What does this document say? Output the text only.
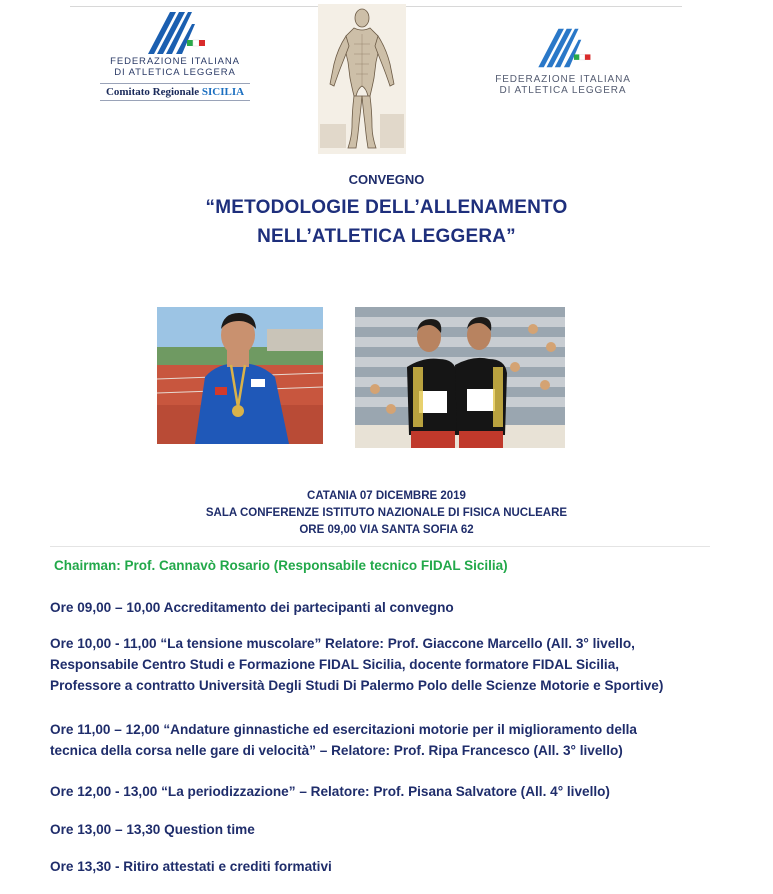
FEDERAZIONE ITALIANA
DI ATLETICA LEGGERA
Comitato Regionale SICILIA
FEDERAZIONE ITALIANA
DI ATLETICA LEGGERA
CONVEGNO
“METODOLOGIE DELL’ALLENAMENTO
NELL’ATLETICA LEGGERA”
CATANIA 07 DICEMBRE 2019
SALA CONFERENZE ISTITUTO NAZIONALE DI FISICA NUCLEARE
ORE 09,00 VIA SANTA SOFIA 62
Chairman: Prof. Cannavò Rosario (Responsabile tecnico FIDAL Sicilia)
Ore 09,00 – 10,00 Accreditamento dei partecipanti al convegno
Ore 10,00 - 11,00 “La tensione muscolare” Relatore: Prof. Giaccone Marcello (All. 3° livello,
Responsabile Centro Studi e Formazione FIDAL Sicilia, docente formatore FIDAL Sicilia,
Professore a contratto Università Degli Studi Di Palermo Polo delle Scienze Motorie e Sportive)
Ore 11,00 – 12,00 “Andature ginnastiche ed esercitazioni motorie per il miglioramento della
tecnica della corsa nelle gare di velocità” – Relatore: Prof. Ripa Francesco (All. 3° livello)
Ore 12,00 - 13,00 “La periodizzazione” – Relatore: Prof. Pisana Salvatore (All. 4° livello)
Ore 13,00 – 13,30 Question time
Ore 13,30 - Ritiro attestati e crediti formativi
